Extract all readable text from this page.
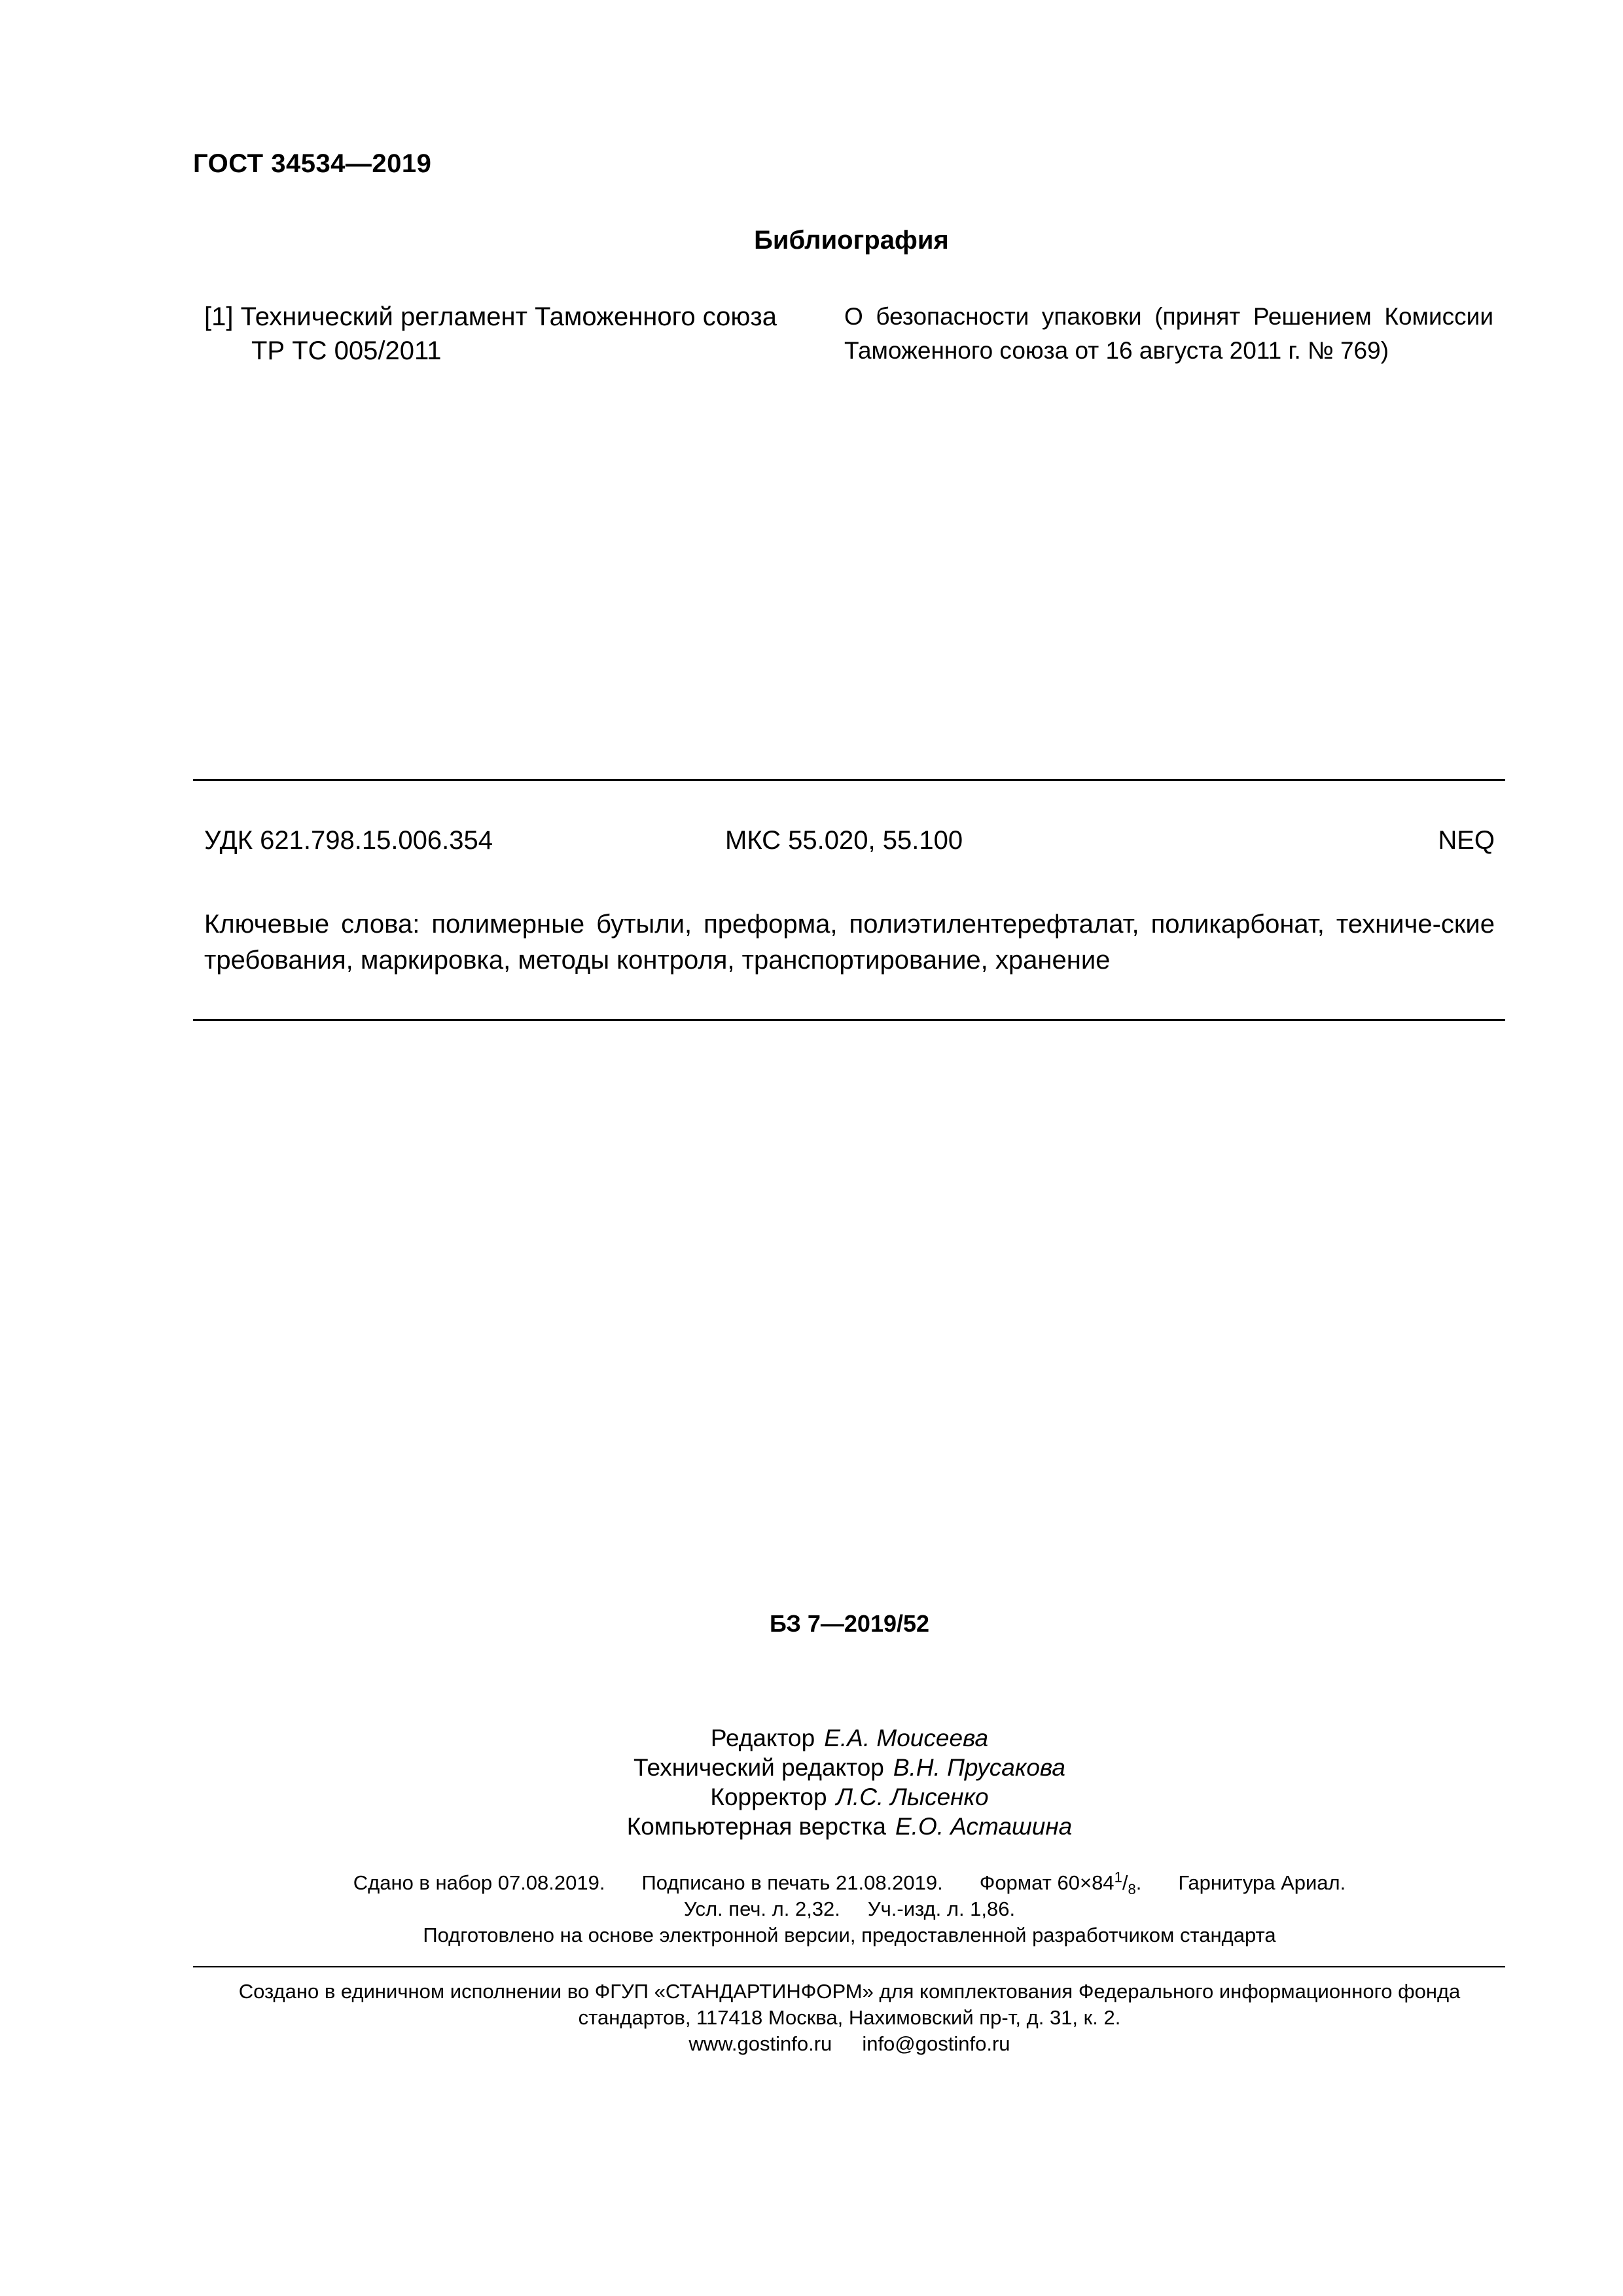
ГОСТ 34534—2019
Библиография
[1] Технический регламент Таможенного союза
ТР ТС 005/2011
О безопасности упаковки (принят Решением Комиссии Таможенного союза от 16 августа 2011 г. № 769)
УДК 621.798.15.006.354	МКС 55.020, 55.100	NEQ
Ключевые слова: полимерные бутыли, преформа, полиэтилентерефталат, поликарбонат, техниче-ские требования, маркировка, методы контроля, транспортирование, хранение
БЗ 7—2019/52
Редактор Е.А. Моисеева
Технический редактор В.Н. Прусакова
Корректор Л.С. Лысенко
Компьютерная верстка Е.О. Асташина
Сдано в набор 07.08.2019. Подписано в печать 21.08.2019. Формат $60\times 84^1/_8$. Гарнитура Ариал.
Усл. печ. л. 2,32. Уч.-изд. л. 1,86.
Подготовлено на основе электронной версии, предоставленной разработчиком стандарта
Создано в единичном исполнении во ФГУП «СТАНДАРТИНФОРМ» для комплектования Федерального информационного фонда
стандартов, 117418 Москва, Нахимовский пр-т, д. 31, к. 2.
www.gostinfo.ru info@gostinfo.ru
